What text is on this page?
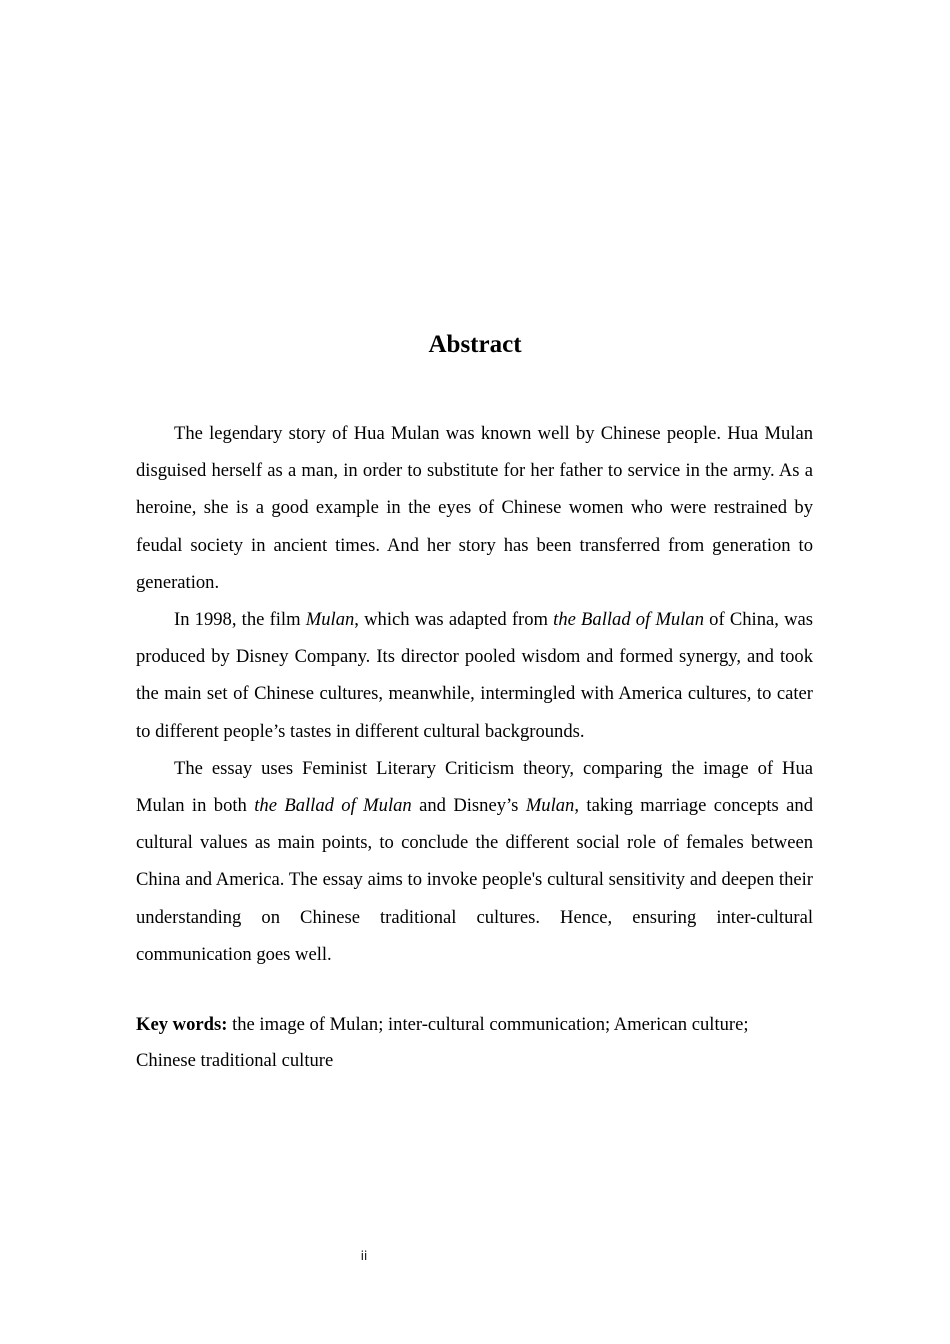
Abstract

The legendary story of Hua Mulan was known well by Chinese people. Hua Mulan disguised herself as a man, in order to substitute for her father to service in the army. As a heroine, she is a good example in the eyes of Chinese women who were restrained by feudal society in ancient times. And her story has been transferred from generation to generation.

In 1998, the film Mulan, which was adapted from the Ballad of Mulan of China, was produced by Disney Company. Its director pooled wisdom and formed synergy, and took the main set of Chinese cultures, meanwhile, intermingled with America cultures, to cater to different people’s tastes in different cultural backgrounds.

The essay uses Feminist Literary Criticism theory, comparing the image of Hua Mulan in both the Ballad of Mulan and Disney’s Mulan, taking marriage concepts and cultural values as main points, to conclude the different social role of females between China and America. The essay aims to invoke people's cultural sensitivity and deepen their understanding on Chinese traditional cultures. Hence, ensuring inter-cultural communication goes well.

Key words: the image of Mulan; inter-cultural communication; American culture; Chinese traditional culture

ii
